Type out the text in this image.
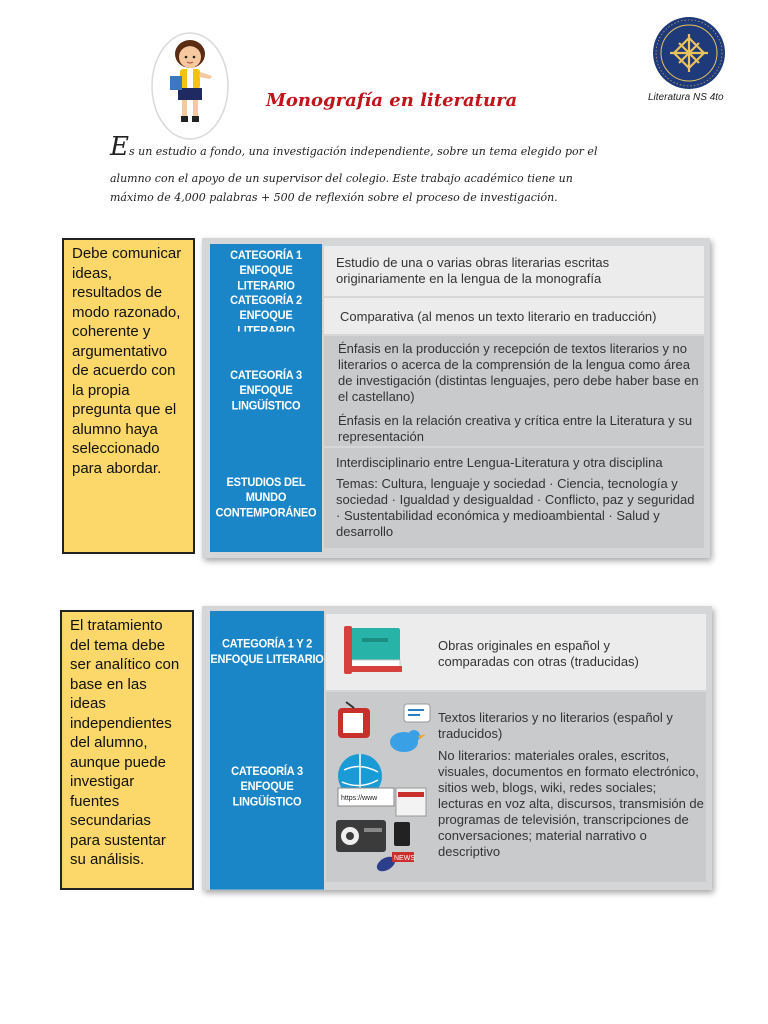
Monografía en literatura	Literatura NS 4to
Es un estudio a fondo, una investigación independiente, sobre un tema elegido por el
alumno con el apoyo de un supervisor del colegio. Este trabajo académico tiene un
máximo de 4,000 palabras + 500 de reflexión sobre el proceso de investigación.
Debe comunicar ideas, resultados de modo razonado, coherente y argumentativo de acuerdo con la propia pregunta que el alumno haya seleccionado para abordar.
CATEGORÍA 1
ENFOQUE LITERARIO
CATEGORÍA 2
ENFOQUE
CATEGORÍA 3
ENFOQUE LINGÜÍSTICO
ESTUDIOS DEL MUNDO
CONTEMPORÁNEO
Estudio de una o varias obras literarias escritas originariamente en la lengua de la monografía
Comparativa (al menos un texto literario en traducción)
Énfasis en la producción y recepción de textos literarios y no literarios o acerca de la comprensión de la lengua como área de investigación (distintas lenguajes, pero debe haber base en el castellano)
Énfasis en la relación creativa y crítica entre la Literatura y su representación
Interdisciplinario entre Lengua-Literatura y otra disciplina
Temas: Cultura, lenguaje y sociedad · Ciencia, tecnología y sociedad · Igualdad y desigualdad · Conflicto, paz y seguridad · Sustentabilidad económica y medioambiental · Salud y desarrollo
El tratamiento del tema debe ser analítico con base en las ideas independientes del alumno, aunque puede investigar fuentes secundarias para sustentar su análisis.
CATEGORÍA 1 Y 2
ENFOQUE LITERARIO
CATEGORÍA 3
ENFOQUE LINGÜÍSTICO
Obras originales en español y comparadas con otras (traducidas)
https://www
NEWS
Textos literarios y no literarios (español y traducidos)
No literarios: materiales orales, escritos, visuales, documentos en formato electrónico, sitios web, blogs, wiki, redes sociales; lecturas en voz alta, discursos, transmisión de programas de televisión, transcripciones de conversaciones; material narrativo o descriptivo
